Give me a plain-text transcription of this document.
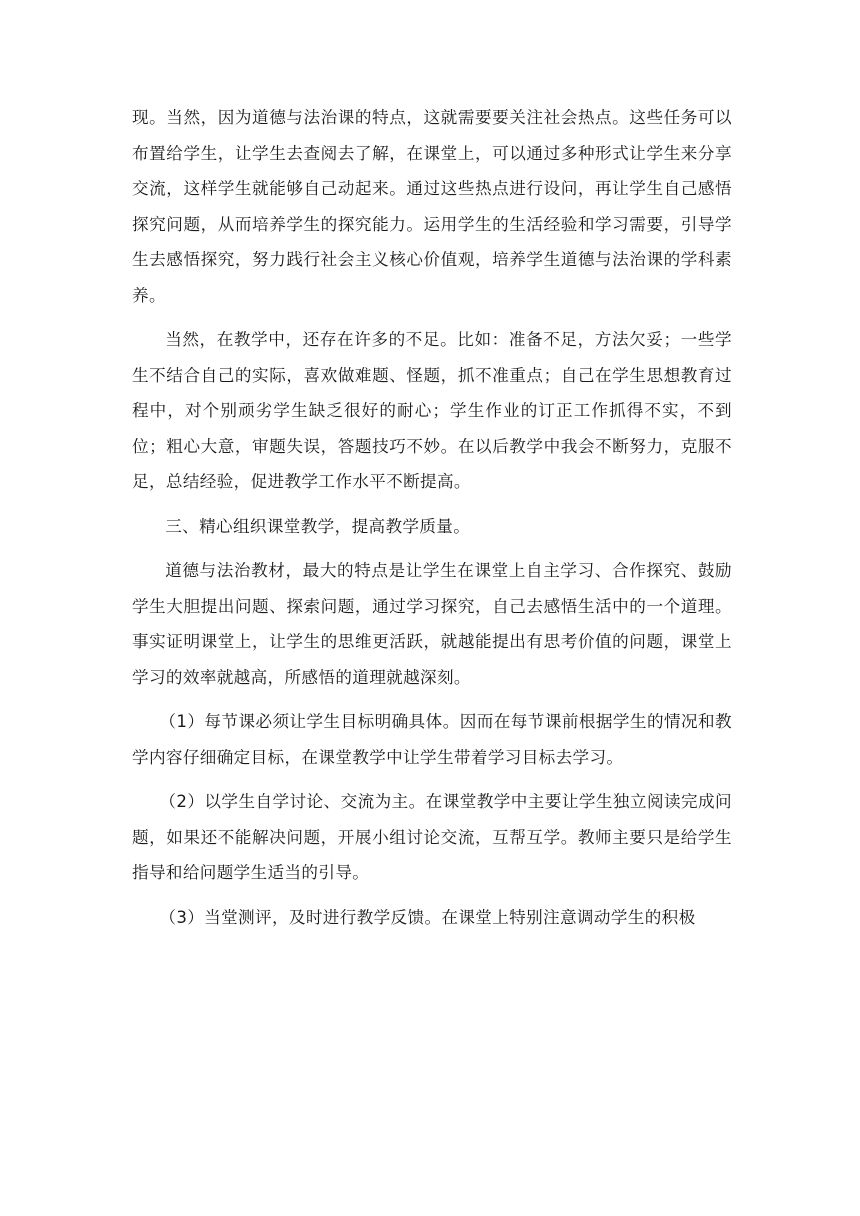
现。当然，因为道德与法治课的特点，这就需要要关注社会热点。这些任务可以布置给学生，让学生去查阅去了解，在课堂上，可以通过多种形式让学生来分享交流，这样学生就能够自己动起来。通过这些热点进行设问，再让学生自己感悟探究问题，从而培养学生的探究能力。运用学生的生活经验和学习需要，引导学生去感悟探究，努力践行社会主义核心价值观，培养学生道德与法治课的学科素养。

当然，在教学中，还存在许多的不足。比如：准备不足，方法欠妥；一些学生不结合自己的实际，喜欢做难题、怪题，抓不准重点；自己在学生思想教育过程中，对个别顽劣学生缺乏很好的耐心；学生作业的订正工作抓得不实，不到位；粗心大意，审题失误，答题技巧不妙。在以后教学中我会不断努力，克服不足，总结经验，促进教学工作水平不断提高。

三、精心组织课堂教学，提高教学质量。

道德与法治教材，最大的特点是让学生在课堂上自主学习、合作探究、鼓励学生大胆提出问题、探索问题，通过学习探究，自己去感悟生活中的一个道理。事实证明课堂上，让学生的思维更活跃，就越能提出有思考价值的问题，课堂上学习的效率就越高，所感悟的道理就越深刻。

（1）每节课必须让学生目标明确具体。因而在每节课前根据学生的情况和教学内容仔细确定目标，在课堂教学中让学生带着学习目标去学习。

（2）以学生自学讨论、交流为主。在课堂教学中主要让学生独立阅读完成问题，如果还不能解决问题，开展小组讨论交流，互帮互学。教师主要只是给学生指导和给问题学生适当的引导。

（3）当堂测评，及时进行教学反馈。在课堂上特别注意调动学生的积极
